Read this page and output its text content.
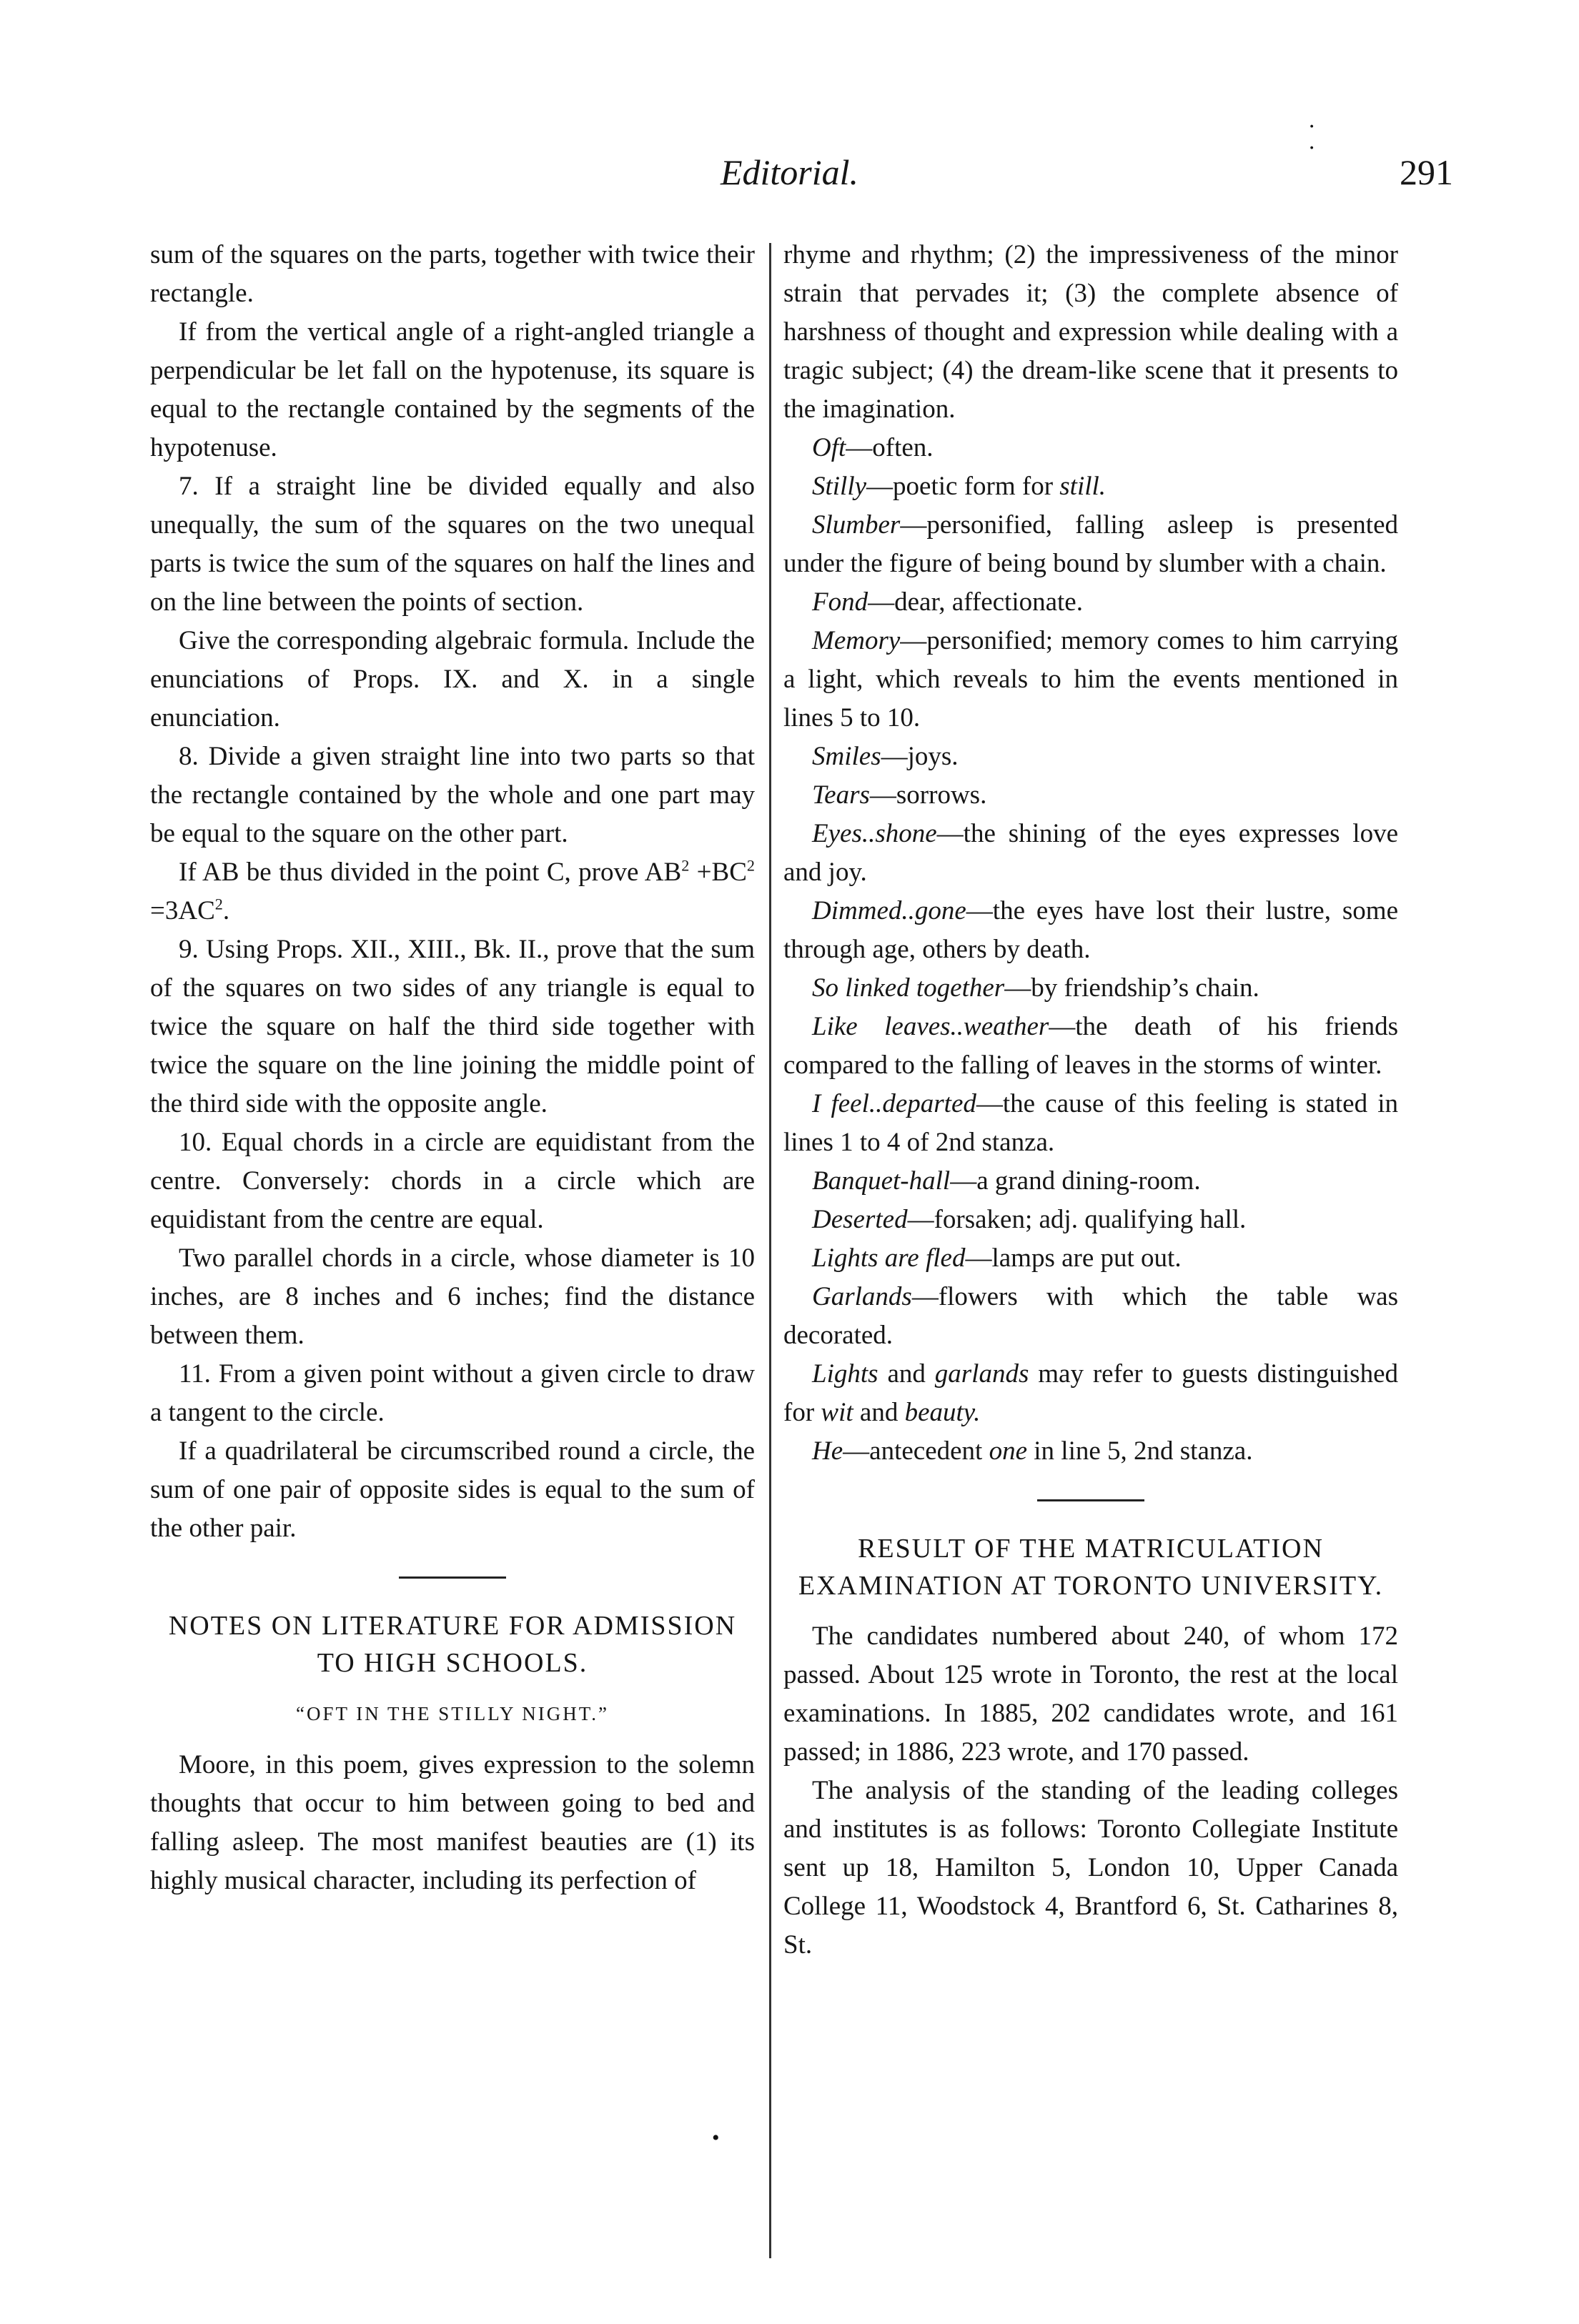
Editorial.	291
⋅
⋅
•

sum of the squares on the parts, together with twice their rectangle.

If from the vertical angle of a right-angled triangle a perpendicular be let fall on the hypotenuse, its square is equal to the rectangle contained by the segments of the hypotenuse.

7. If a straight line be divided equally and also unequally, the sum of the squares on the two unequal parts is twice the sum of the squares on half the lines and on the line between the points of section.

Give the corresponding algebraic formula. Include the enunciations of Props. IX. and X. in a single enunciation.

8. Divide a given straight line into two parts so that the rectangle contained by the whole and one part may be equal to the square on the other part.

If AB be thus divided in the point C, prove $AB^2 +BC^2 =3AC^2$.

9. Using Props. XII., XIII., Bk. II., prove that the sum of the squares on two sides of any triangle is equal to twice the square on half the third side together with twice the square on the line joining the middle point of the third side with the opposite angle.

10. Equal chords in a circle are equidistant from the centre. Conversely: chords in a circle which are equidistant from the centre are equal.

Two parallel chords in a circle, whose diameter is 10 inches, are 8 inches and 6 inches; find the distance between them.

11. From a given point without a given circle to draw a tangent to the circle.

If a quadrilateral be circumscribed round a circle, the sum of one pair of opposite sides is equal to the sum of the other pair.

NOTES ON LITERATURE FOR ADMISSION TO HIGH SCHOOLS.

“OFT IN THE STILLY NIGHT.”

Moore, in this poem, gives expression to the solemn thoughts that occur to him between going to bed and falling asleep. The most manifest beauties are (1) its highly musical character, including its perfection of

rhyme and rhythm; (2) the impressiveness of the minor strain that pervades it; (3) the complete absence of harshness of thought and expression while dealing with a tragic subject; (4) the dream-like scene that it presents to the imagination.

Oft—often.

Stilly—poetic form for still.

Slumber—personified, falling asleep is presented under the figure of being bound by slumber with a chain.

Fond—dear, affectionate.

Memory—personified; memory comes to him carrying a light, which reveals to him the events mentioned in lines 5 to 10.

Smiles—joys.

Tears—sorrows.

Eyes..shone—the shining of the eyes expresses love and joy.

Dimmed..gone—the eyes have lost their lustre, some through age, others by death.

So linked together—by friendship’s chain.

Like leaves..weather—the death of his friends compared to the falling of leaves in the storms of winter.

I feel..departed—the cause of this feeling is stated in lines 1 to 4 of 2nd stanza.

Banquet-hall—a grand dining-room.

Deserted—forsaken; adj. qualifying hall.

Lights are fled—lamps are put out.

Garlands—flowers with which the table was decorated.

Lights and garlands may refer to guests distinguished for wit and beauty.

He—antecedent one in line 5, 2nd stanza.

RESULT OF THE MATRICULATION EXAMINATION AT TORONTO UNIVERSITY.

The candidates numbered about 240, of whom 172 passed. About 125 wrote in Toronto, the rest at the local examinations. In 1885, 202 candidates wrote, and 161 passed; in 1886, 223 wrote, and 170 passed.

The analysis of the standing of the leading colleges and institutes is as follows: Toronto Collegiate Institute sent up 18, Hamilton 5, London 10, Upper Canada College 11, Woodstock 4, Brantford 6, St. Catharines 8, St.
